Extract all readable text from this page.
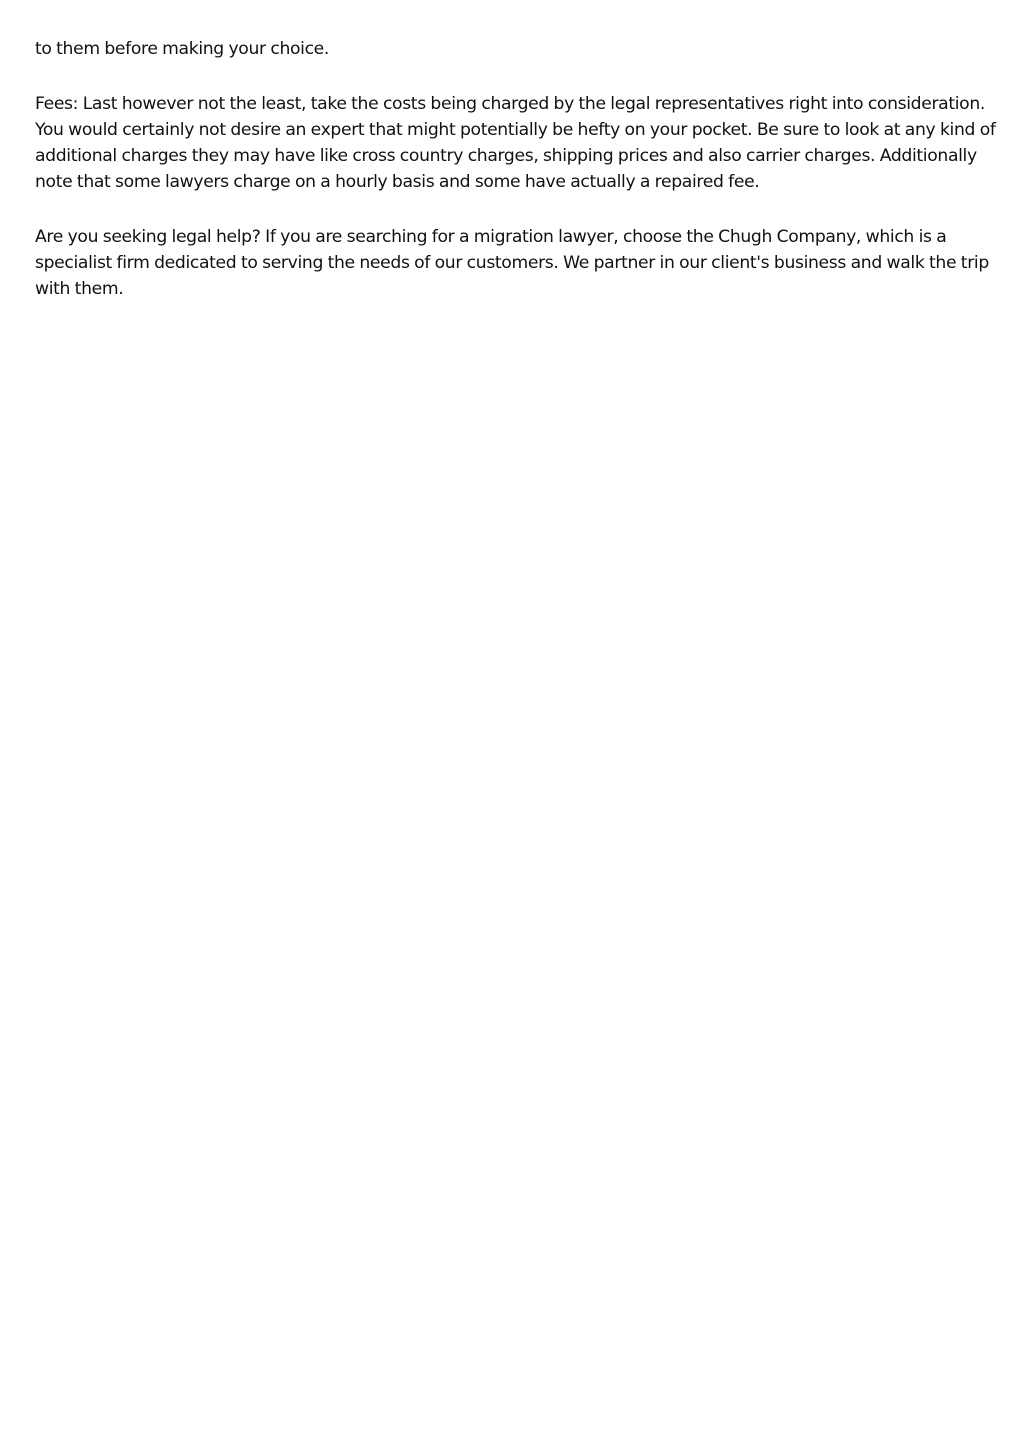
to them before making your choice.

Fees: Last however not the least, take the costs being charged by the legal representatives right into consideration. You would certainly not desire an expert that might potentially be hefty on your pocket. Be sure to look at any kind of additional charges they may have like cross country charges, shipping prices and also carrier charges. Additionally note that some lawyers charge on a hourly basis and some have actually a repaired fee.

Are you seeking legal help? If you are searching for a migration lawyer, choose the Chugh Company, which is a specialist firm dedicated to serving the needs of our customers. We partner in our client's business and walk the trip with them.
